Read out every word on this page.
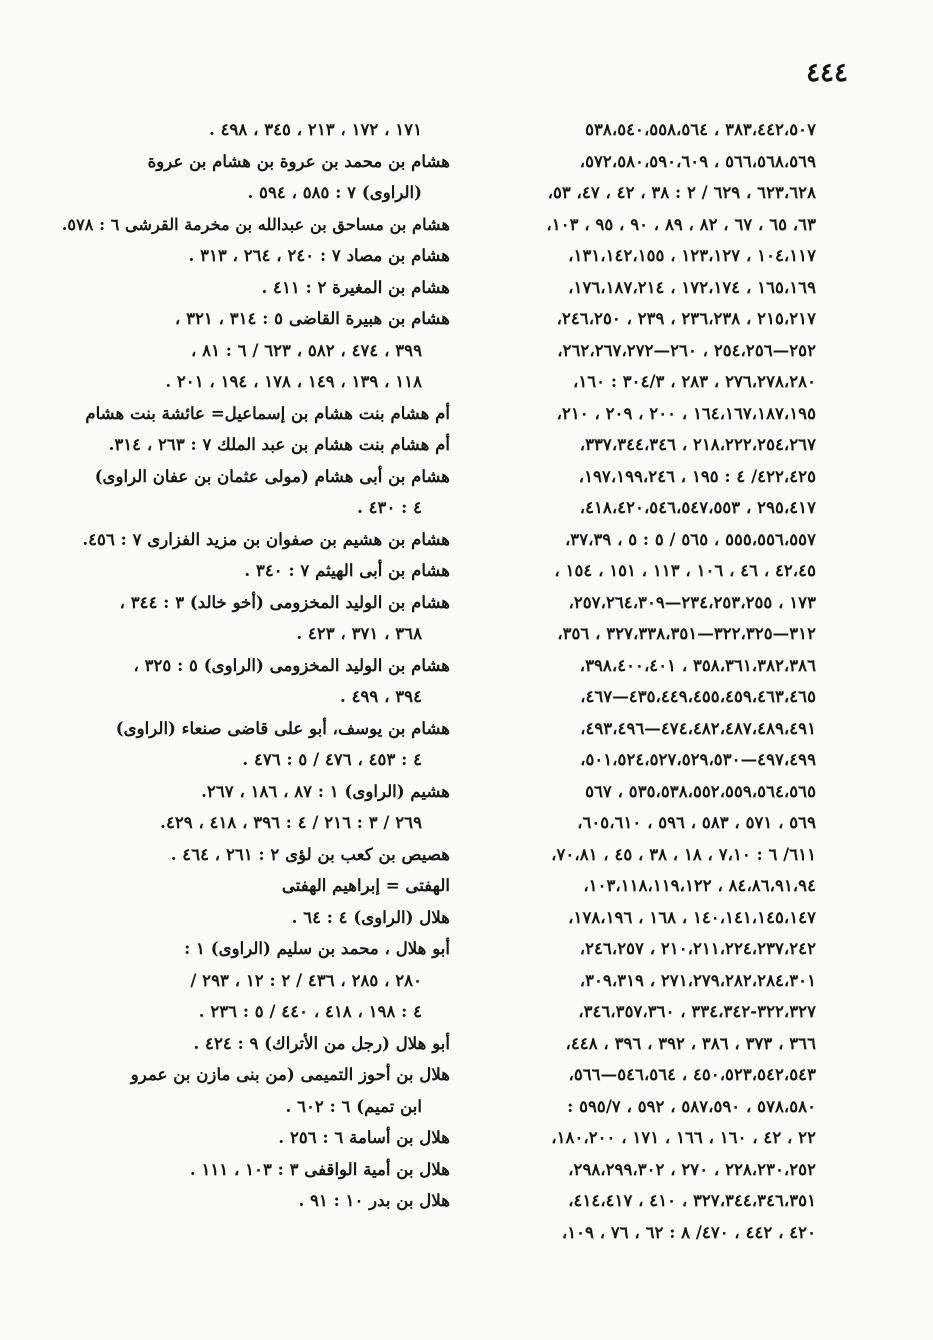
٤٤٤
٣٨٣،٤٤٢،٥٠٧ ، ٥٣٨،٥٤٠،٥٥٨،٥٦٤
٥٦٦،٥٦٨،٥٦٩ ، ٥٧٢،٥٨٠،٥٩٠،٦٠٩،
٦٢٣،٦٢٨ ، ٦٢٩ / ٢ : ٣٨ ، ٤٢ ، ٤٧، ٥٣،
٦٣، ٦٥ ، ٦٧ ، ٨٢ ، ٨٩ ، ٩٠ ، ٩٥ ، ١٠٣،
١٠٤،١١٧ ، ١٢٣،١٢٧ ، ١٣١،١٤٢،١٥٥،
١٦٥،١٦٩ ، ١٧٢،١٧٤ ، ١٧٦،١٨٧،٢١٤،
٢١٥،٢١٧ ، ٢٣٦،٢٣٨ ، ٢٣٩ ، ٢٤٦،٢٥٠،
٢٥٢—٢٥٤،٢٥٦ ، ٢٦٠—٢٦٢،٢٦٧،٢٧٢،
٢٧٦،٢٧٨،٢٨٠ ، ٢٨٣ ، ٣٠٤/٣ : ١٦٠،
١٦٤،١٦٧،١٨٧،١٩٥ ، ٢٠٠ ، ٢٠٩ ، ٢١٠،
٢١٨،٢٢٢،٢٥٤،٢٦٧ ، ٣٣٧،٣٤٤،٣٤٦،
٤٢٢،٤٢٥/ ٤ : ١٩٥ ، ١٩٧،١٩٩،٢٤٦،
٢٩٥،٤١٧ ، ٤١٨،٤٢٠،٥٤٦،٥٤٧،٥٥٣،
٥٥٥،٥٥٦،٥٥٧ ، ٥٦٥ / ٥ : ٥ ، ٣٧،٣٩،
٤٢،٤٥ ، ٤٦ ، ١٠٦ ، ١١٣ ، ١٥١ ، ١٥٤ ،
١٧٣ ، ٢٣٤،٢٥٣،٢٥٥—٢٥٧،٢٦٤،٣٠٩،
٣١٢—٣٢٢،٣٢٥—٣٢٧،٣٣٨،٣٥١ ، ٣٥٦،
٣٥٨،٣٦١،٣٨٢،٣٨٦ ، ٣٩٨،٤٠٠،٤٠١،
٤٣٥،٤٤٩،٤٥٥،٤٥٩،٤٦٣،٤٦٥—٤٦٧،
٤٧٤،٤٨٢،٤٨٧،٤٨٩،٤٩١—٤٩٣،٤٩٦،
٤٩٧،٤٩٩—٥٠١،٥٢٤،٥٢٧،٥٢٩،٥٣٠،
٥٣٥،٥٣٨،٥٥٢،٥٥٩،٥٦٤،٥٦٥ ، ٥٦٧
٥٦٩ ، ٥٧١ ، ٥٨٣ ، ٥٩٦ ، ٦٠٥،٦١٠،
٦١١/ ٦ : ٧،١٠ ، ١٨ ، ٣٨ ، ٤٥ ، ٧٠،٨١،
٨٤،٨٦،٩١،٩٤ ، ١٠٣،١١٨،١١٩،١٢٢،
١٤٠،١٤١،١٤٥،١٤٧ ، ١٦٨ ، ١٧٨،١٩٦،
٢١٠،٢١١،٢٢٤،٢٣٧،٢٤٢ ، ٢٤٦،٢٥٧،
٢٧١،٢٧٩،٢٨٢،٢٨٤،٣٠١ ، ٣٠٩،٣١٩،
٣٢٢،٣٢٧-٣٣٤،٣٤٢ ، ٣٤٦،٣٥٧،٣٦٠،
٣٦٦ ، ٣٧٣ ، ٣٨٦ ، ٣٩٢ ، ٣٩٦ ، ٤٤٨،
٤٥٠،٥٢٣،٥٤٢،٥٤٣ ، ٥٤٦،٥٦٤—٥٦٦،
٥٧٨،٥٨٠ ، ٥٨٧،٥٩٠ ، ٥٩٢ ، ٥٩٥/٧ :
٢٢ ، ٤٢ ، ١٦٠ ، ١٦٦ ، ١٧١ ، ١٨٠،٢٠٠،
٢٢٨،٢٣٠،٢٥٢ ، ٢٧٠ ، ٢٩٨،٢٩٩،٣٠٢،
٣٢٧،٣٤٤،٣٤٦،٣٥١ ، ٤١٠ ، ٤١٤،٤١٧،
٤٢٠ ، ٤٤٢ ، ٤٧٠/ ٨ : ٦٢ ، ٧٦ ، ١٠٩،
١٧١ ، ١٧٢ ، ٢١٣ ، ٣٤٥ ، ٤٩٨ .
هشام بن محمد بن عروة بن هشام بن عروة
(الراوى) ٧ : ٥٨٥ ، ٥٩٤ .
هشام بن مساحق بن عبدالله بن مخرمة القرشى ٦ : ٥٧٨.
هشام بن مصاد ٧ : ٢٤٠ ، ٢٦٤ ، ٣١٣ .
هشام بن المغيرة ٢ : ٤١١ .
هشام بن هبيرة القاضى ٥ : ٣١٤ ، ٣٢١ ،
٣٩٩ ، ٤٧٤ ، ٥٨٢ ، ٦٢٣ / ٦ : ٨١ ،
١١٨ ، ١٣٩ ، ١٤٩ ، ١٧٨ ، ١٩٤ ، ٢٠١ .
أم هشام بنت هشام بن إسماعيل= عائشة بنت هشام
أم هشام بنت هشام بن عبد الملك ٧ : ٢٦٣ ، ٣١٤.
هشام بن أبى هشام (مولى عثمان بن عفان الراوى)
٤ : ٤٣٠ .
هشام بن هشيم بن صفوان بن مزيد الفزارى ٧ : ٤٥٦.
هشام بن أبى الهيثم ٧ : ٣٤٠ .
هشام بن الوليد المخزومى (أخو خالد) ٣ : ٣٤٤ ،
٣٦٨ ، ٣٧١ ، ٤٢٣ .
هشام بن الوليد المخزومى (الراوى) ٥ : ٣٢٥ ،
٣٩٤ ، ٤٩٩ .
هشام بن يوسف، أبو على قاضى صنعاء (الراوى)
٤ : ٤٥٣ ، ٤٧٦ / ٥ : ٤٧٦ .
هشيم (الراوى) ١ : ٨٧ ، ١٨٦ ، ٢٦٧.
٢٦٩ / ٣ : ٢١٦ / ٤ : ٣٩٦ ، ٤١٨ ، ٤٢٩.
هصيص بن كعب بن لؤى ٢ : ٢٦١ ، ٤٦٤ .
الهفتى = إبراهيم الهفتى
هلال (الراوى) ٤ : ٦٤ .
أبو هلال ، محمد بن سليم (الراوى) ١ :
٢٨٠ ، ٢٨٥ ، ٤٣٦ / ٢ : ١٢ ، ٢٩٣ /
٤ : ١٩٨ ، ٤١٨ ، ٤٤٠ / ٥ : ٢٣٦ .
أبو هلال (رجل من الأتراك) ٩ : ٤٢٤ .
هلال بن أحوز التميمى (من بنى مازن بن عمرو
ابن تميم) ٦ : ٦٠٢ .
هلال بن أسامة ٦ : ٢٥٦ .
هلال بن أمية الواقفى ٣ : ١٠٣ ، ١١١ .
هلال بن بدر ١٠ : ٩١ .
